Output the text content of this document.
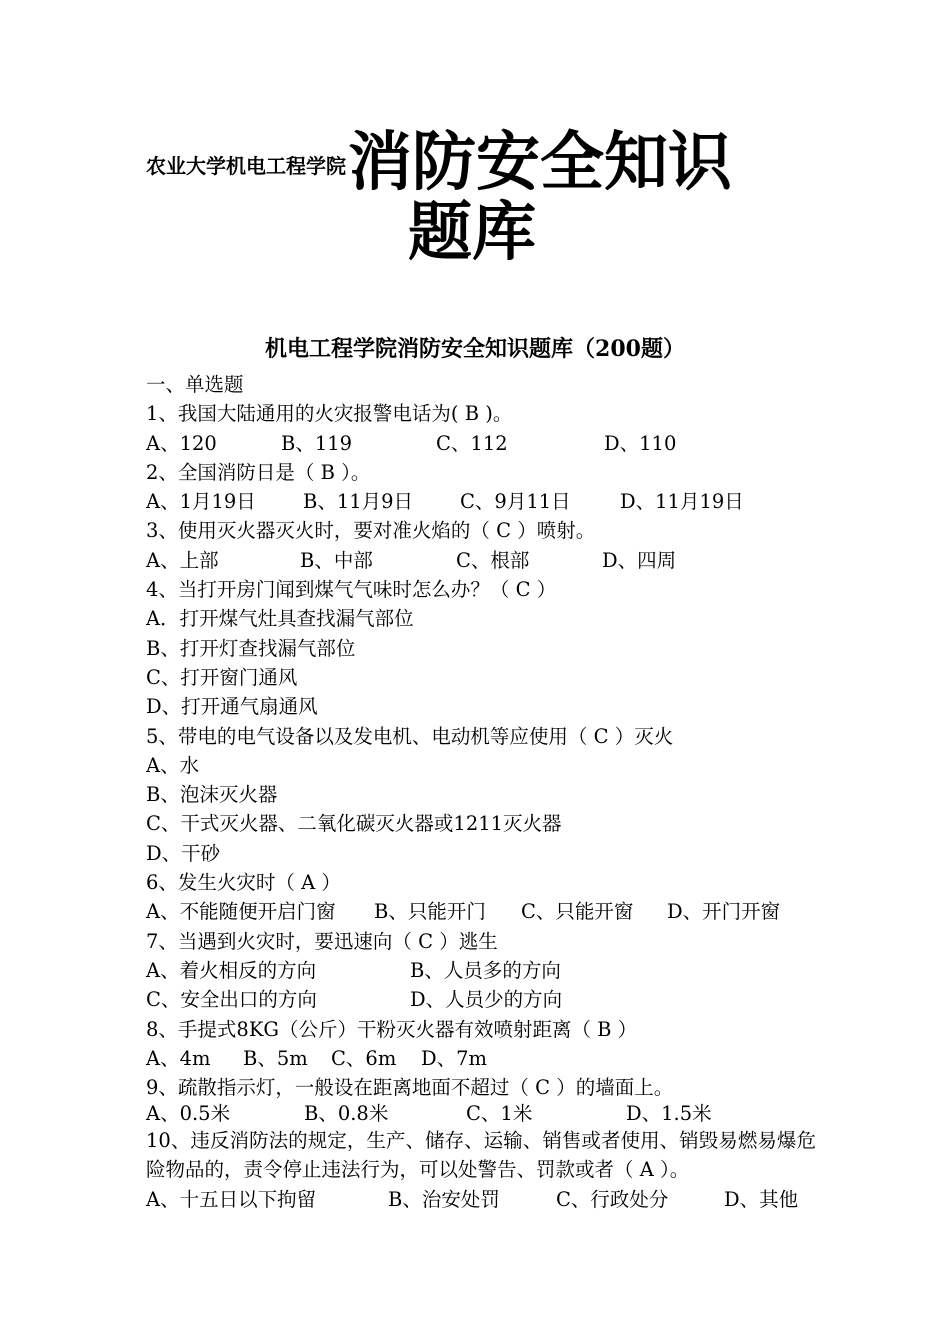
农业大学机电工程学院消防安全知识
题库
机电工程学院消防安全知识题库（200题）
一、单选题
1、我国大陆通用的火灾报警电话为( B )。
A、120	B、119	C、112	D、110
2、全国消防日是（ B ）。
A、1月19日	B、11月9日	C、9月11日	D、11月19日
3、使用灭火器灭火时，要对准火焰的（ C ）喷射。
A、上部	B、中部	C、根部	D、四周
4、当打开房门闻到煤气气味时怎么办？（ C ）
A．打开煤气灶具查找漏气部位
B、打开灯查找漏气部位
C、打开窗门通风
D、打开通气扇通风
5、带电的电气设备以及发电机、电动机等应使用（ C ）灭火
A、水
B、泡沫灭火器
C、干式灭火器、二氧化碳灭火器或1211灭火器
D、干砂
6、发生火灾时（ A ）
A、不能随便开启门窗	B、只能开门	C、只能开窗	D、开门开窗
7、当遇到火灾时，要迅速向（ C ）逃生
A、着火相反的方向	B、人员多的方向
C、安全出口的方向	D、人员少的方向
8、手提式8KG（公斤）干粉灭火器有效喷射距离（ B ）
A、4m	B、5m	C、6m	D、7m
9、疏散指示灯，一般设在距离地面不超过（ C ）的墙面上。
A、0.5米	B、0.8米	C、1米	D、1.5米
10、违反消防法的规定，生产、储存、运输、销售或者使用、销毁易燃易爆危险物品的，责令停止违法行为，可以处警告、罚款或者（ A ）。
A、十五日以下拘留	B、治安处罚	C、行政处分	D、其他
